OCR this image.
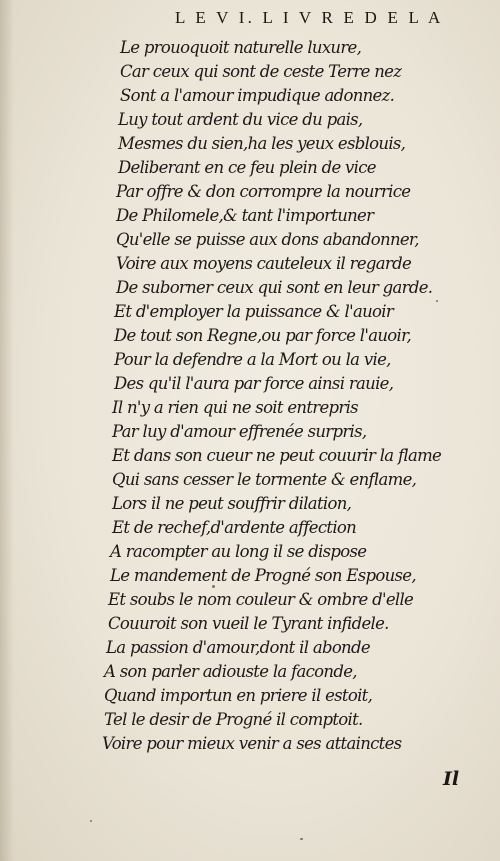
L E V I. L I V R E D E L A
Le prouoquoit naturelle luxure,
Car ceux qui sont de ceste Terre nez
Sont a l'amour impudique adonnez.
Luy tout ardent du vice du pais,
Mesmes du sien,ha les yeux esblouis,
Deliberant en ce feu plein de vice
Par offre & don corrompre la nourrice
De Philomele,& tant l'importuner
Qu'elle se puisse aux dons abandonner,
Voire aux moyens cauteleux il regarde
De suborner ceux qui sont en leur garde.
Et d'employer la puissance & l'auoir
De tout son Regne,ou par force l'auoir,
Pour la defendre a la Mort ou la vie,
Des qu'il l'aura par force ainsi rauie,
Il n'y a rien qui ne soit entrepris
Par luy d'amour effrenée surpris,
Et dans son cueur ne peut couurir la flame
Qui sans cesser le tormente & enflame,
Lors il ne peut souffrir dilation,
Et de rechef,d'ardente affection
A racompter au long il se dispose
Le mandement de Progné son Espouse,
Et soubs le nom couleur & ombre d'elle
Couuroit son vueil le Tyrant infidele.
La passion d'amour,dont il abonde
A son parler adiouste la faconde,
Quand importun en priere il estoit,
Tel le desir de Progné il comptoit.
Voire pour mieux venir a ses attainctes
Il
